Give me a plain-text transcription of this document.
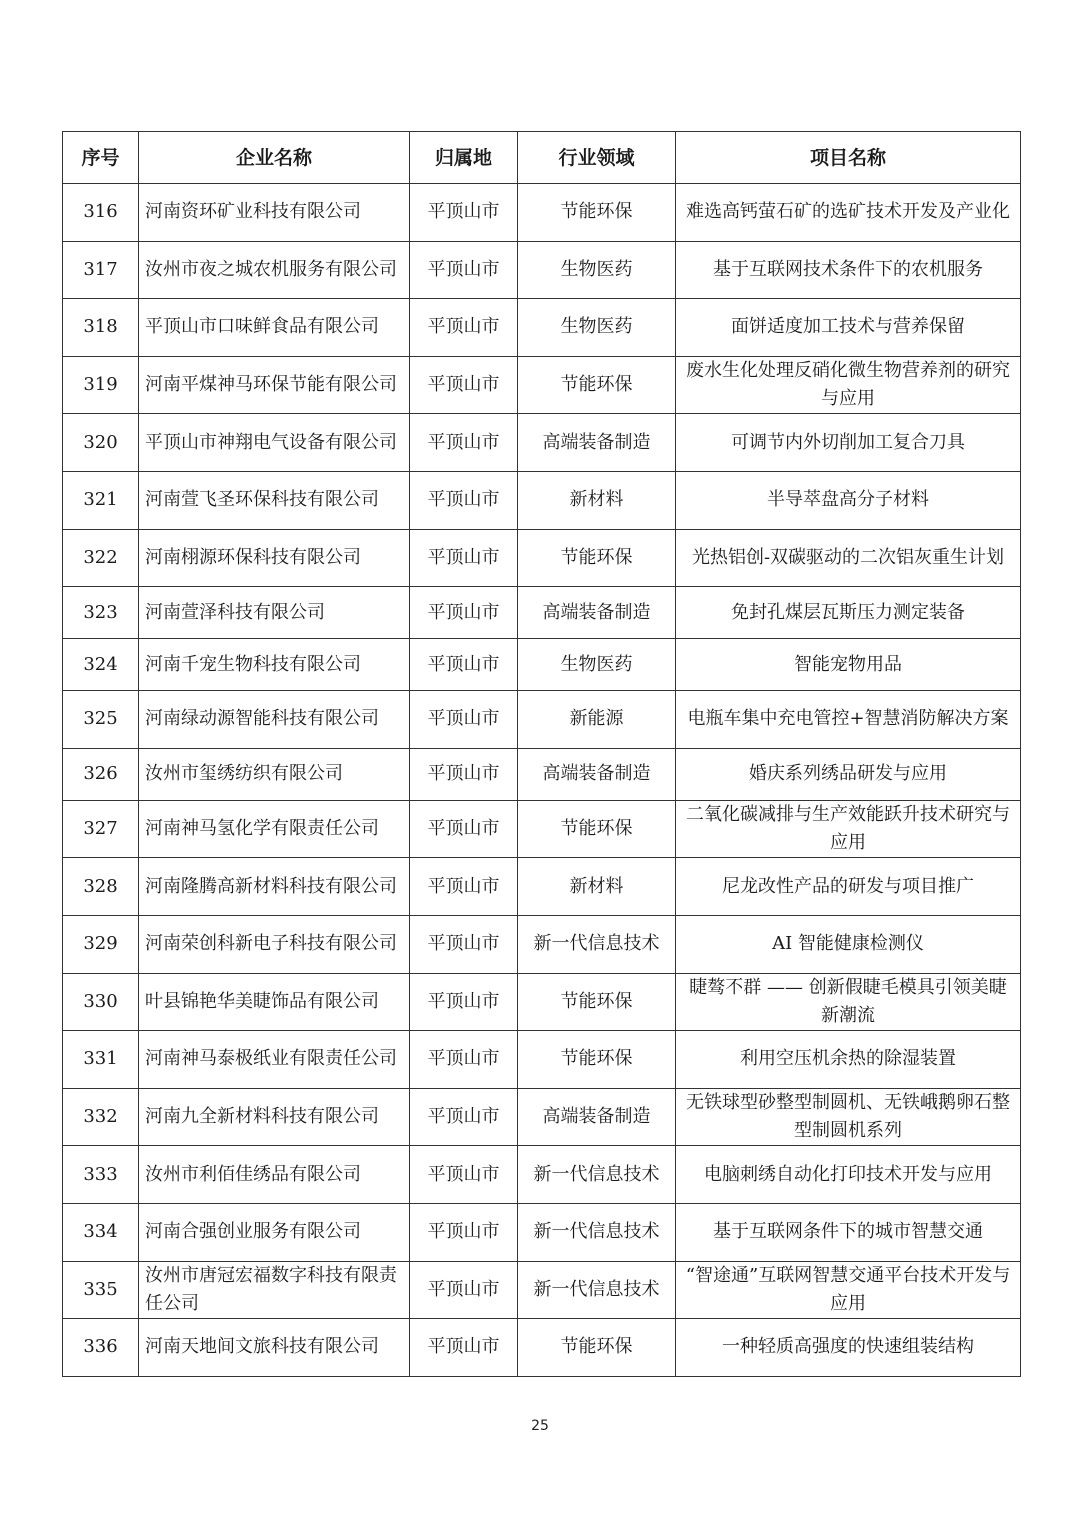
序号	企业名称	归属地	行业领域	项目名称
316	河南资环矿业科技有限公司	平顶山市	节能环保	难选高钙萤石矿的选矿技术开发及产业化
317	汝州市夜之城农机服务有限公司	平顶山市	生物医药	基于互联网技术条件下的农机服务
318	平顶山市口味鲜食品有限公司	平顶山市	生物医药	面饼适度加工技术与营养保留
319	河南平煤神马环保节能有限公司	平顶山市	节能环保	废水生化处理反硝化微生物营养剂的研究与应用
320	平顶山市神翔电气设备有限公司	平顶山市	高端装备制造	可调节内外切削加工复合刀具
321	河南萱飞圣环保科技有限公司	平顶山市	新材料	半导萃盘高分子材料
322	河南栩源环保科技有限公司	平顶山市	节能环保	光热铝创-双碳驱动的二次铝灰重生计划
323	河南萱泽科技有限公司	平顶山市	高端装备制造	免封孔煤层瓦斯压力测定装备
324	河南千宠生物科技有限公司	平顶山市	生物医药	智能宠物用品
325	河南绿动源智能科技有限公司	平顶山市	新能源	电瓶车集中充电管控+智慧消防解决方案
326	汝州市玺绣纺织有限公司	平顶山市	高端装备制造	婚庆系列绣品研发与应用
327	河南神马氢化学有限责任公司	平顶山市	节能环保	二氧化碳减排与生产效能跃升技术研究与应用
328	河南隆腾高新材料科技有限公司	平顶山市	新材料	尼龙改性产品的研发与项目推广
329	河南荣创科新电子科技有限公司	平顶山市	新一代信息技术	AI 智能健康检测仪
330	叶县锦艳华美睫饰品有限公司	平顶山市	节能环保	睫骜不群 —— 创新假睫毛模具引领美睫新潮流
331	河南神马泰极纸业有限责任公司	平顶山市	节能环保	利用空压机余热的除湿装置
332	河南九全新材料科技有限公司	平顶山市	高端装备制造	无铁球型砂整型制圆机、无铁峨鹅卵石整型制圆机系列
333	汝州市利佰佳绣品有限公司	平顶山市	新一代信息技术	电脑刺绣自动化打印技术开发与应用
334	河南合强创业服务有限公司	平顶山市	新一代信息技术	基于互联网条件下的城市智慧交通
335	汝州市唐冠宏福数字科技有限责任公司	平顶山市	新一代信息技术	“智途通”互联网智慧交通平台技术开发与应用
336	河南天地间文旅科技有限公司	平顶山市	节能环保	一种轻质高强度的快速组装结构
25
